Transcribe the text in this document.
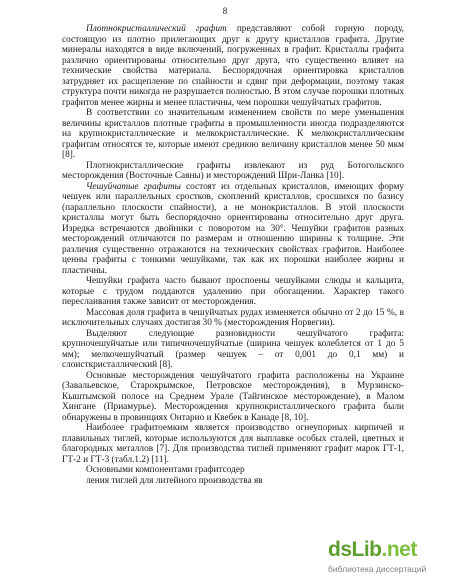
8

Плотнокристаллический графит представляют собой горную породу, состоящую из плотно прилегающих друг к другу кристаллов графита. Другие минералы находятся в виде включений, погруженных в графит. Кристаллы графита различно ориентированы относительно друг друга, что существенно влияет на технические свойства материала. Беспорядочная ориентировка кристаллов затрудняет их расщепление по спайности и сдвиг при деформации, поэтому такая структура почти никогда не разрушается полностью. В этом случае порошки плотных графитов менее жирны и менее пластичны, чем порошки чешуйчатых графитов.

В соответствии со значительным изменением свойств по мере уменьшения величины кристаллов плотные графиты в промышленности иногда подразделяются на крупнокристаллические и мелкокристаллические. К мелкокристаллическим графитам относятся те, которые имеют среднюю величину кристаллов менее 50 мкм [8].

Плотнокристаллические графиты извлекают из руд Ботогольского месторождения (Восточные Саяны) и месторождений Шри-Ланка [10].

Чешуйчатые графиты состоят из отдельных кристаллов, имеющих форму чешуек или параллельных сростков, скоплений кристаллов, сросшихся по базису (параллельно плоскости спайности), а не монокристаллов. В этой плоскости кристаллы могут быть беспорядочно ориентированы относительно друг друга. Изредка встречаются двойники с поворотом на 30°. Чешуйки графитов разных месторождений отличаются по размерам и отношению ширины к толщине. Эти различия существенно отражаются на технических свойствах графитов. Наиболее ценны графиты с тонкими чешуйками, так как их порошки наиболее жирны и пластичны.

Чешуйки графита часто бывают проспоены чешуйками слюды и кальцита, которые с трудом поддаются удалению при обогащении. Характер такого переслаивания также зависит от месторождения.

Массовая доля графита в чешуйчатых рудах изменяется обычно от 2 до 15 %, в исключительных случаях достигая 30 % (месторождения Норвегии).

Выделяют следующие разновидности чешуйчатого графита: крупночешуйчатые или типичночешуйчатые (ширина чешуек колеблется от 1 до 5 мм); мелкочешуйчатый (размер чешуек – от 0,001 до 0,1 мм) и слоисткристаллический [8].

Основные месторождения чешуйчатого графита расположены на Украине (Завальевское, Старокрымское, Петровское месторождения), в Мурзинско-Кыштымской полосе на Среднем Урале (Тайгинское месторождение), в Малом Хингане (Приамурье). Месторождения крупнокристаллического графита были обнаружены в провинциях Онтарио и Квебек в Канаде [8, 10].

Наиболее графитоемким является производство огнеупорных кирпичей и плавильных тиглей, которые используются для выплавке особых сталей, цветных и благородных металлов [7]. Для производства тиглей применяют графит марок ГТ-1, ГТ-2 и ГТ-3 (табл.1.2) [11].

Основными компонентами графитсодер

ления тиглей для литейного производства яв

dsLib.net
библиотека диссертаций
